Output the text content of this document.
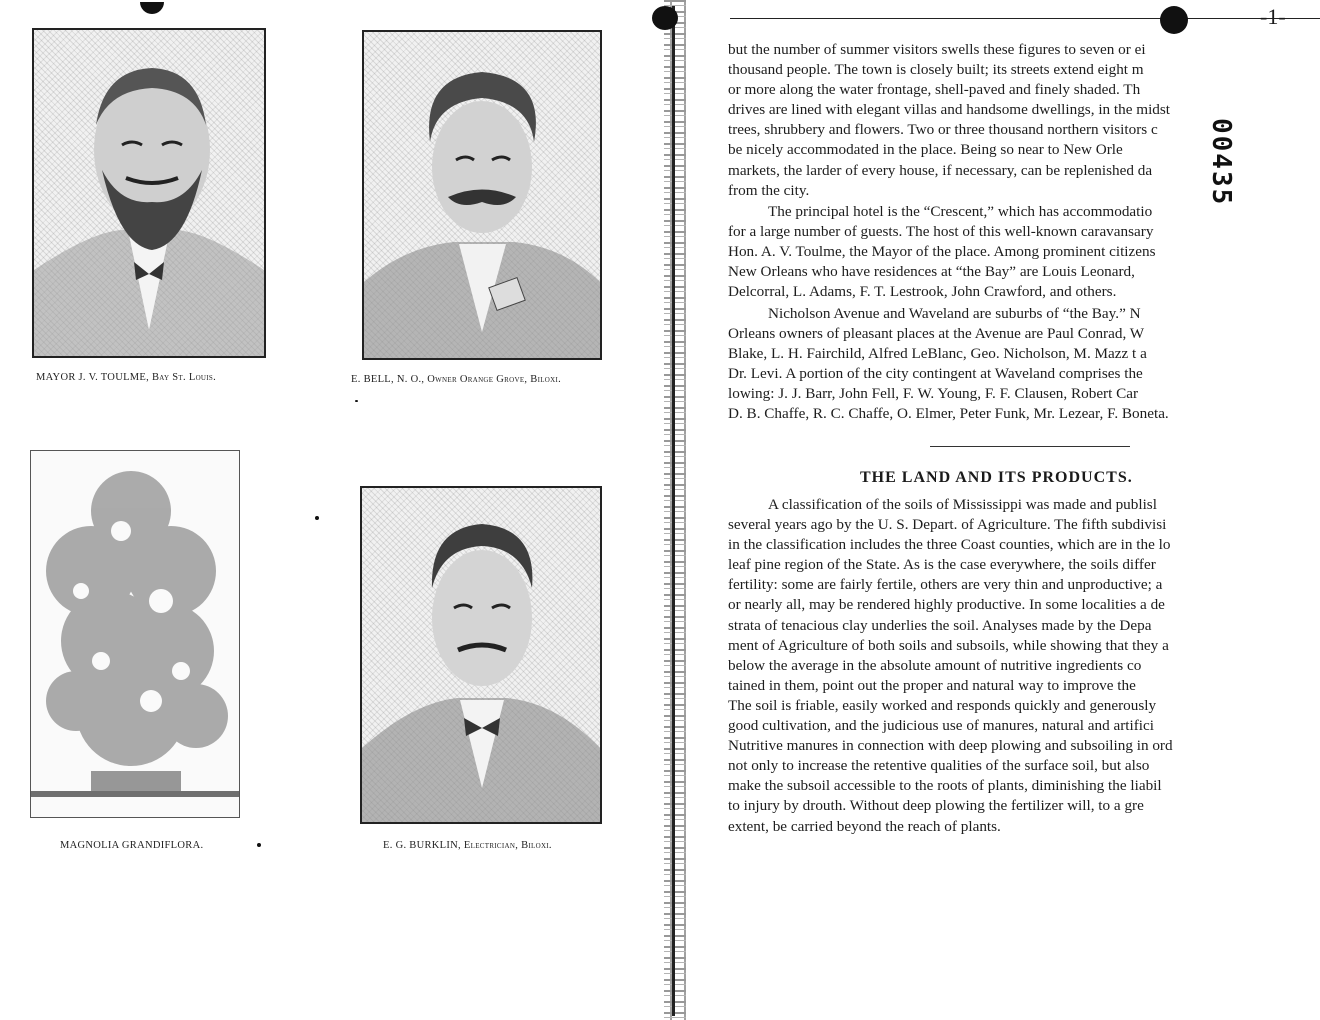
MAYOR J. V. TOULME, Bay St. Louis.	E. BELL, N. O., Owner Orange Grove, Biloxi.
MAGNOLIA GRANDIFLORA.	E. G. BURKLIN, Electrician, Biloxi.
-1-
00435
but the number of summer visitors swells these figures to seven or ei
thousand people. The town is closely built; its streets extend eight m
or more along the water frontage, shell-paved and finely shaded. Th
drives are lined with elegant villas and handsome dwellings, in the midst
trees, shrubbery and flowers. Two or three thousand northern visitors c
be nicely accommodated in the place. Being so near to New Orle
markets, the larder of every house, if necessary, can be replenished da
from the city.
The principal hotel is the “Crescent,” which has accommodatio
for a large number of guests. The host of this well-known caravansary
Hon. A. V. Toulme, the Mayor of the place. Among prominent citizens
New Orleans who have residences at “the Bay” are Louis Leonard,
Delcorral, L. Adams, F. T. Lestrook, John Crawford, and others.
Nicholson Avenue and Waveland are suburbs of “the Bay.” N
Orleans owners of pleasant places at the Avenue are Paul Conrad, W
Blake, L. H. Fairchild, Alfred LeBlanc, Geo. Nicholson, M. Mazz t a
Dr. Levi. A portion of the city contingent at Waveland comprises the
lowing: J. J. Barr, John Fell, F. W. Young, F. F. Clausen, Robert Car
D. B. Chaffe, R. C. Chaffe, O. Elmer, Peter Funk, Mr. Lezear, F. Boneta.
THE LAND AND ITS PRODUCTS.
A classification of the soils of Mississippi was made and publisl
several years ago by the U. S. Depart. of Agriculture. The fifth subdivisi
in the classification includes the three Coast counties, which are in the lo
leaf pine region of the State. As is the case everywhere, the soils differ
fertility: some are fairly fertile, others are very thin and unproductive; a
or nearly all, may be rendered highly productive. In some localities a de
strata of tenacious clay underlies the soil. Analyses made by the Depa
ment of Agriculture of both soils and subsoils, while showing that they a
below the average in the absolute amount of nutritive ingredients co
tained in them, point out the proper and natural way to improve the
The soil is friable, easily worked and responds quickly and generously
good cultivation, and the judicious use of manures, natural and artifici
Nutritive manures in connection with deep plowing and subsoiling in ord
not only to increase the retentive qualities of the surface soil, but also
make the subsoil accessible to the roots of plants, diminishing the liabil
to injury by drouth. Without deep plowing the fertilizer will, to a gre
extent, be carried beyond the reach of plants.
